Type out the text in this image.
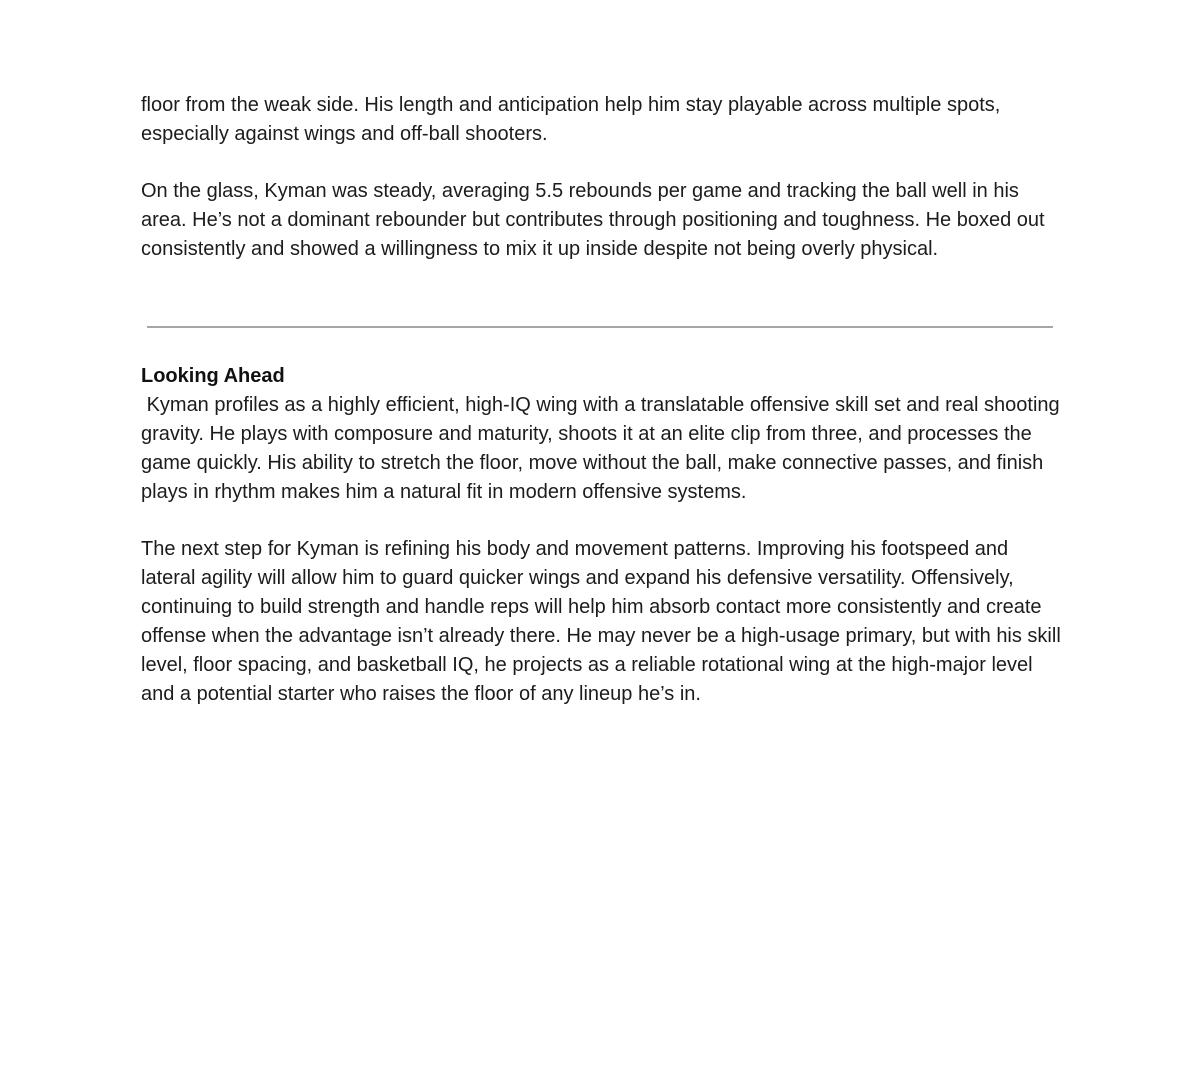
floor from the weak side. His length and anticipation help him stay playable across multiple spots, especially against wings and off-ball shooters.

On the glass, Kyman was steady, averaging 5.5 rebounds per game and tracking the ball well in his area. He’s not a dominant rebounder but contributes through positioning and toughness. He boxed out consistently and showed a willingness to mix it up inside despite not being overly physical.

Looking Ahead

Kyman profiles as a highly efficient, high-IQ wing with a translatable offensive skill set and real shooting gravity. He plays with composure and maturity, shoots it at an elite clip from three, and processes the game quickly. His ability to stretch the floor, move without the ball, make connective passes, and finish plays in rhythm makes him a natural fit in modern offensive systems.

The next step for Kyman is refining his body and movement patterns. Improving his footspeed and lateral agility will allow him to guard quicker wings and expand his defensive versatility. Offensively, continuing to build strength and handle reps will help him absorb contact more consistently and create offense when the advantage isn’t already there. He may never be a high-usage primary, but with his skill level, floor spacing, and basketball IQ, he projects as a reliable rotational wing at the high-major level and a potential starter who raises the floor of any lineup he’s in.
